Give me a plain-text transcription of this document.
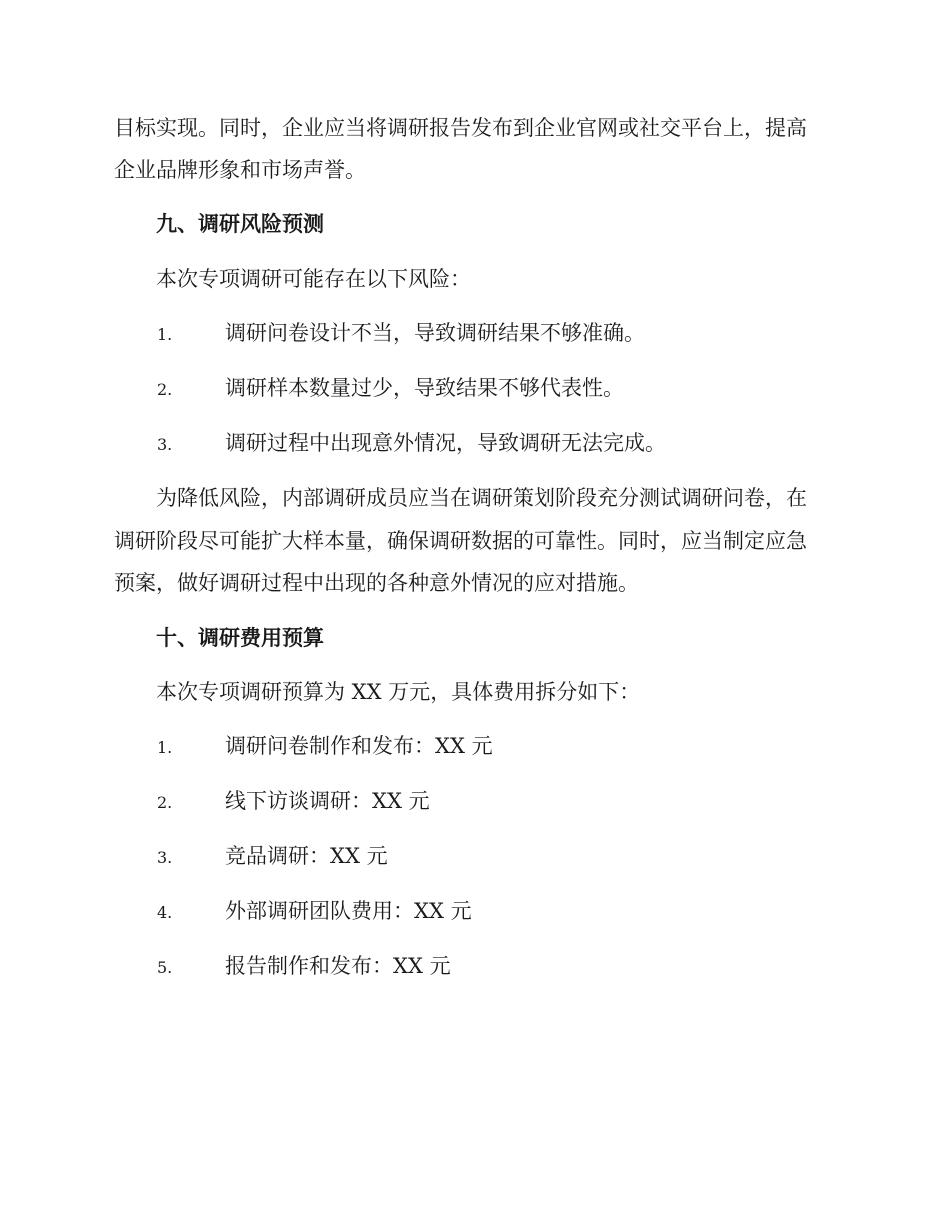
目标实现。同时，企业应当将调研报告发布到企业官网或社交平台上，提高
企业品牌形象和市场声誉。
九、调研风险预测
本次专项调研可能存在以下风险：
1.	调研问卷设计不当，导致调研结果不够准确。
2.	调研样本数量过少，导致结果不够代表性。
3.	调研过程中出现意外情况，导致调研无法完成。
为降低风险，内部调研成员应当在调研策划阶段充分测试调研问卷，在
调研阶段尽可能扩大样本量，确保调研数据的可靠性。同时，应当制定应急
预案，做好调研过程中出现的各种意外情况的应对措施。
十、调研费用预算
本次专项调研预算为 XX 万元，具体费用拆分如下：
1.	调研问卷制作和发布：XX 元
2.	线下访谈调研：XX 元
3.	竞品调研：XX 元
4.	外部调研团队费用：XX 元
5.	报告制作和发布：XX 元
